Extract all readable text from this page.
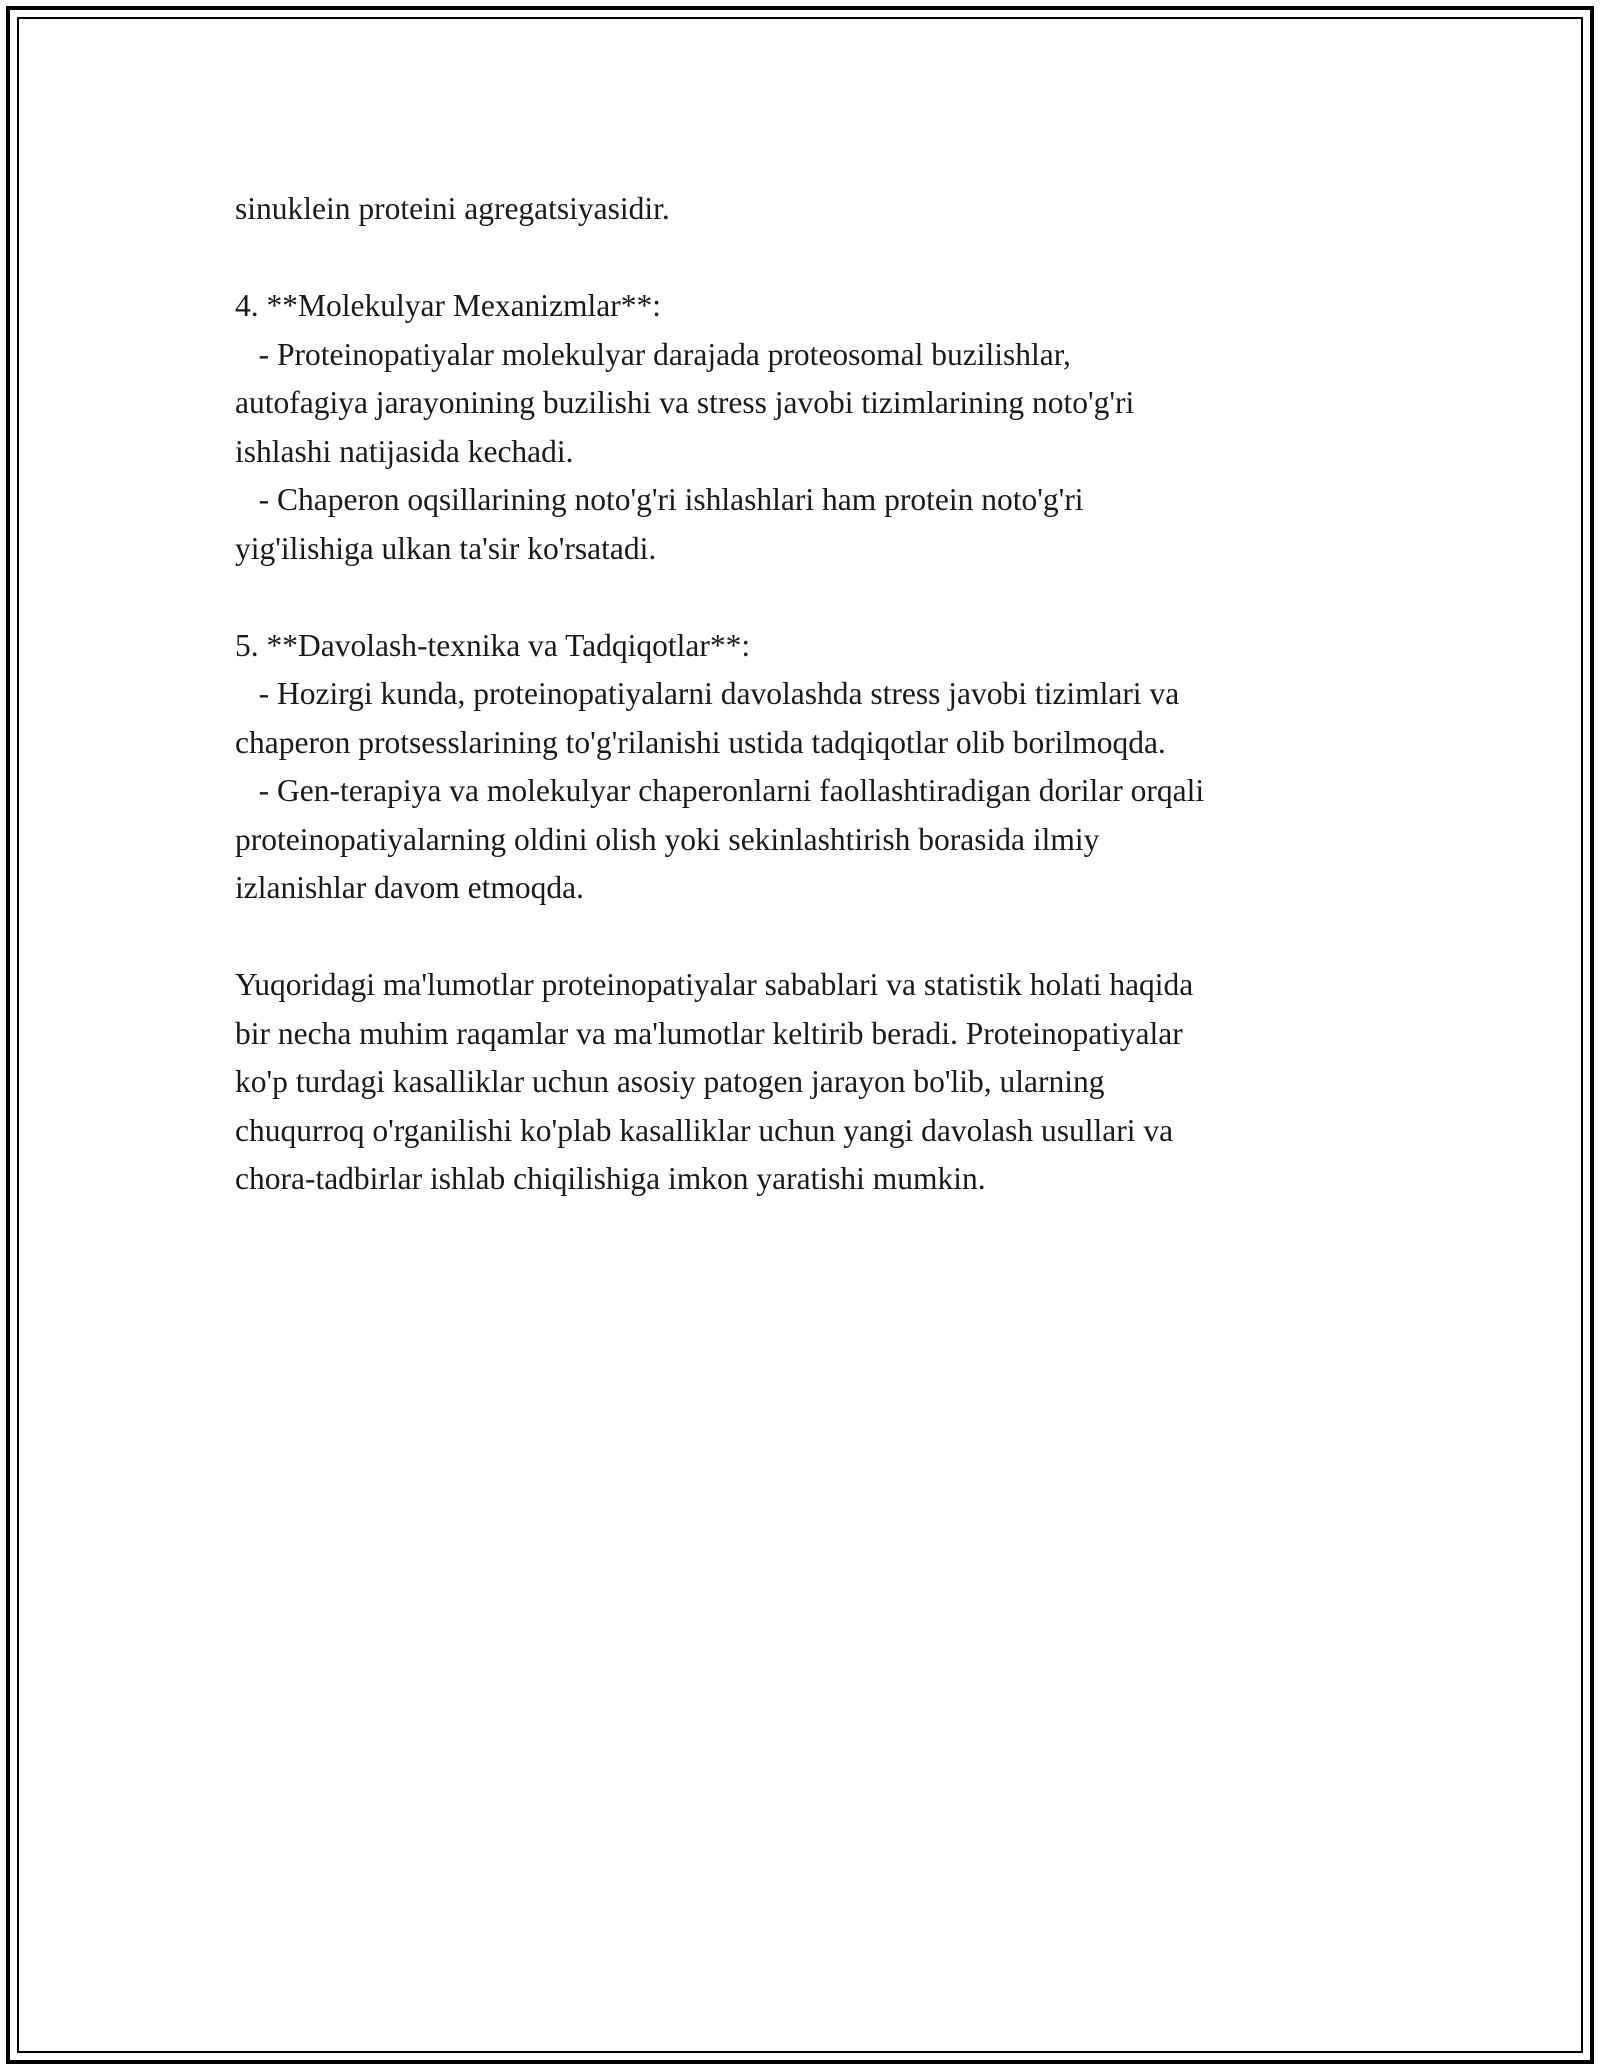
sinuklein proteini agregatsiyasidir.
4. **Molekulyar Mexanizmlar**:
- Proteinopatiyalar molekulyar darajada proteosomal buzilishlar,
autofagiya jarayonining buzilishi va stress javobi tizimlarining noto'g'ri
ishlashi natijasida kechadi.
- Chaperon oqsillarining noto'g'ri ishlashlari ham protein noto'g'ri
yig'ilishiga ulkan ta'sir ko'rsatadi.
5. **Davolash-texnika va Tadqiqotlar**:
- Hozirgi kunda, proteinopatiyalarni davolashda stress javobi tizimlari va
chaperon protsesslarining to'g'rilanishi ustida tadqiqotlar olib borilmoqda.
- Gen-terapiya va molekulyar chaperonlarni faollashtiradigan dorilar orqali
proteinopatiyalarning oldini olish yoki sekinlashtirish borasida ilmiy
izlanishlar davom etmoqda.
Yuqoridagi ma'lumotlar proteinopatiyalar sabablari va statistik holati haqida
bir necha muhim raqamlar va ma'lumotlar keltirib beradi. Proteinopatiyalar
ko'p turdagi kasalliklar uchun asosiy patogen jarayon bo'lib, ularning
chuqurroq o'rganilishi ko'plab kasalliklar uchun yangi davolash usullari va
chora-tadbirlar ishlab chiqilishiga imkon yaratishi mumkin.
